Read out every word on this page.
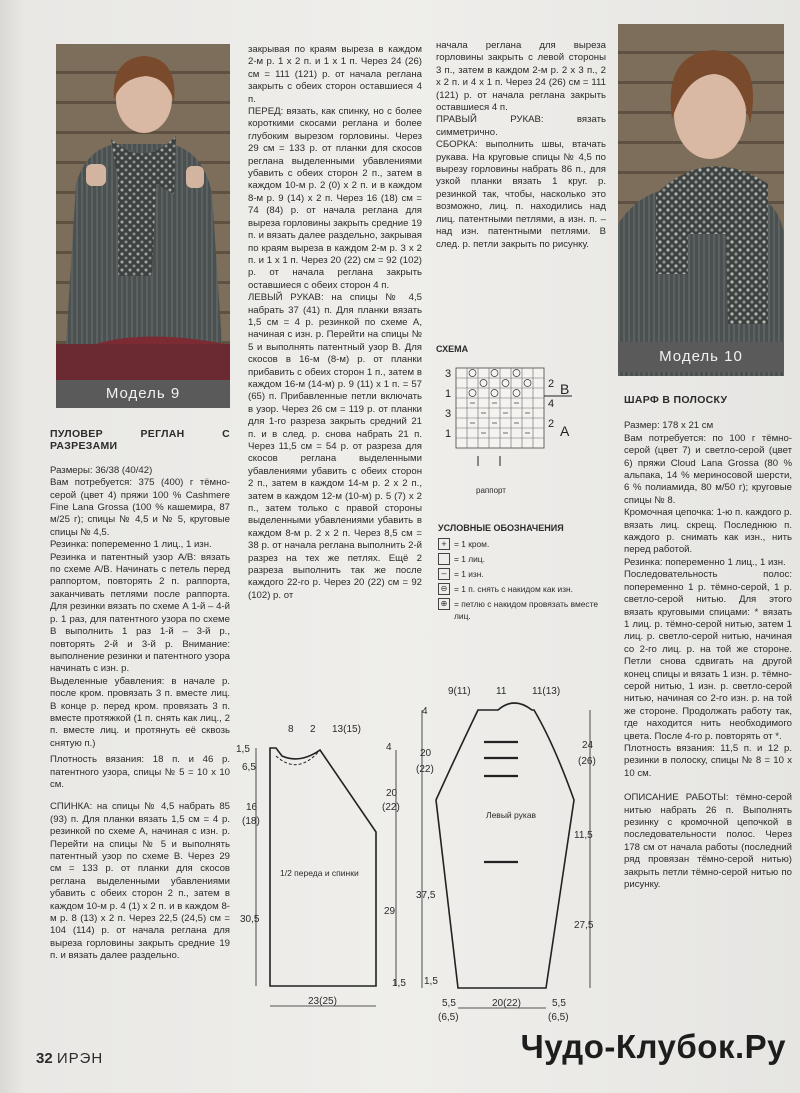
Модель 9
Модель 10

ПУЛОВЕР РЕГЛАН С РАЗРЕЗАМИ

Размеры: 36/38 (40/42)

Вам потребуется: 375 (400) г тёмно-серой (цвет 4) пряжи 100 % Cashmere Fine Lana Grossa (100 % кашемира, 87 м/25 г); спицы № 4,5 и № 5, круговые спицы № 4,5.

Резинка: попеременно 1 лиц., 1 изн.

Резинка и патентный узор А/В: вязать по схеме А/В. Начинать с петель перед раппортом, повторять 2 п. раппорта, заканчивать петлями после раппорта. Для резинки вязать по схеме А 1-й – 4-й р. 1 раз, для патентного узора по схеме В выполнить 1 раз 1-й – 3-й р., повторять 2-й и 3-й р. Внимание: выполнение резинки и патентного узора начинать с изн. р.

Выделенные убавления: в начале р. после кром. провязать 3 п. вместе лиц. В конце р. перед кром. провязать 3 п. вместе протяжкой (1 п. снять как лиц., 2 п. вместе лиц. и протянуть её сквозь снятую п.)

Плотность вязания: 18 п. и 46 р. патентного узора, спицы № 5 = 10 х 10 см.

СПИНКА: на спицы № 4,5 набрать 85 (93) п. Для планки вязать 1,5 см = 4 р. резинкой по схеме А, начиная с изн. р. Перейти на спицы № 5 и выполнять патентный узор по схеме В. Через 29 см = 133 р. от планки для скосов реглана выделенными убавлениями убавить с обеих сторон 2 п., затем в каждом 10-м р. 4 (1) х 2 п. и в каждом 8-м р. 8 (13) х 2 п. Через 22,5 (24,5) см = 104 (114) р. от начала реглана для выреза горловины закрыть средние 19 п. и вязать далее раздельно.

закрывая по краям выреза в каждом 2-м р. 1 х 2 п. и 1 х 1 п. Через 24 (26) см = 111 (121) р. от начала реглана закрыть с обеих сторон оставшиеся 4 п.

ПЕРЕД: вязать, как спинку, но с более короткими скосами реглана и более глубоким вырезом горловины. Через 29 см = 133 р. от планки для скосов реглана выделенными убавлениями убавить с обеих сторон 2 п., затем в каждом 10-м р. 2 (0) х 2 п. и в каждом 8-м р. 9 (14) х 2 п. Через 16 (18) см = 74 (84) р. от начала реглана для выреза горловины закрыть средние 19 п. и вязать далее раздельно, закрывая по краям выреза в каждом 2-м р. 3 х 2 п. и 1 х 1 п. Через 20 (22) см = 92 (102) р. от начала реглана закрыть оставшиеся с обеих сторон 4 п.

ЛЕВЫЙ РУКАВ: на спицы № 4,5 набрать 37 (41) п. Для планки вязать 1,5 см = 4 р. резинкой по схеме А, начиная с изн. р. Перейти на спицы № 5 и выполнять патентный узор В. Для скосов в 16-м (8-м) р. от планки прибавить с обеих сторон 1 п., затем в каждом 16-м (14-м) р. 9 (11) х 1 п. = 57 (65) п. Прибавленные петли включать в узор. Через 26 см = 119 р. от планки для 1-го разреза закрыть средний 21 п. и в след. р. снова набрать 21 п. Через 11,5 см = 54 р. от разреза для скосов реглана выделенными убавлениями убавить с обеих сторон 2 п., затем в каждом 14-м р. 2 х 2 п., затем в каждом 12-м (10-м) р. 5 (7) х 2 п., затем только с правой стороны выделенными убавлениями убавить в каждом 8-м р. 2 х 2 п. Через 8,5 см = 38 р. от начала реглана выполнить 2-й разрез на тех же петлях. Ещё 2 разреза выполнить так же после каждого 22-го р. Через 20 (22) см = 92 (102) р. от

начала реглана для выреза горловины закрыть с левой стороны 3 п., затем в каждом 2-м р. 2 х 3 п., 2 х 2 п. и 4 х 1 п. Через 24 (26) см = 111 (121) р. от начала реглана закрыть оставшиеся 4 п.

ПРАВЫЙ РУКАВ: вязать симметрично.

СБОРКА: выполнить швы, втачать рукава. На круговые спицы № 4,5 по вырезу горловины набрать 86 п., для узкой планки вязать 1 круг. р. резинкой так, чтобы, насколько это возможно, лиц. п. находились над лиц. патентными петлями, а изн. п. – над изн. патентными петлями. В след. р. петли закрыть по рисунку.

СХЕМА
3
1
3
1
2
4
2
B
A
раппорт
УСЛОВНЫЕ ОБОЗНАЧЕНИЯ
+ = 1 кром.
= 1 лиц.
– = 1 изн.
⊖ = 1 п. снять с накидом как изн.
⊕ = петлю с накидом провязать вместе лиц.

ШАРФ В ПОЛОСКУ

Размер: 178 х 21 см

Вам потребуется: по 100 г тёмно-серой (цвет 7) и светло-серой (цвет 6) пряжи Cloud Lana Grossa (80 % альпака, 14 % мериносовой шерсти, 6 % полиамида, 80 м/50 г); круговые спицы № 8.

Кромочная цепочка: 1-ю п. каждого р. вязать лиц. скрещ. Последнюю п. каждого р. снимать как изн., нить перед работой.

Резинка: попеременно 1 лиц., 1 изн.

Последовательность полос: попеременно 1 р. тёмно-серой, 1 р. светло-серой нитью. Для этого вязать круговыми спицами: * вязать 1 лиц. р. тёмно-серой нитью, затем 1 лиц. р. светло-серой нитью, начиная со 2-го лиц. р. на той же стороне. Петли снова сдвигать на другой конец спицы и вязать 1 изн. р. тёмно-серой нитью, 1 изн. р. светло-серой нитью, начиная со 2-го изн. р. на той же стороне. Продолжать работу так, где находится нить необходимого цвета. После 4-го р. повторять от *.

Плотность вязания: 11,5 п. и 12 р. резинки в полоску, спицы № 8 = 10 х 10 см.

ОПИСАНИЕ РАБОТЫ: тёмно-серой нитью набрать 26 п. Выполнять резинку с кромочной цепочкой в последовательности полос. Через 178 см от начала работы (последний ряд провязан тёмно-серой нитью) закрыть петли тёмно-серой нитью по рисунку.

8 2 13(15)
1,5
6,5
16
(18)
30,5
4
20
(22)
29
1/2 переда и спинки
23(25)
1,5
9(11)	11	11(13)
4
20
(22)
37,5
1,5
24
(26)
11,5
27,5
Левый рукав
5,5
(6,5)
20(22)	5,5
(6,5)
32 ИРЭН	Чудо-Клубок.Ру
